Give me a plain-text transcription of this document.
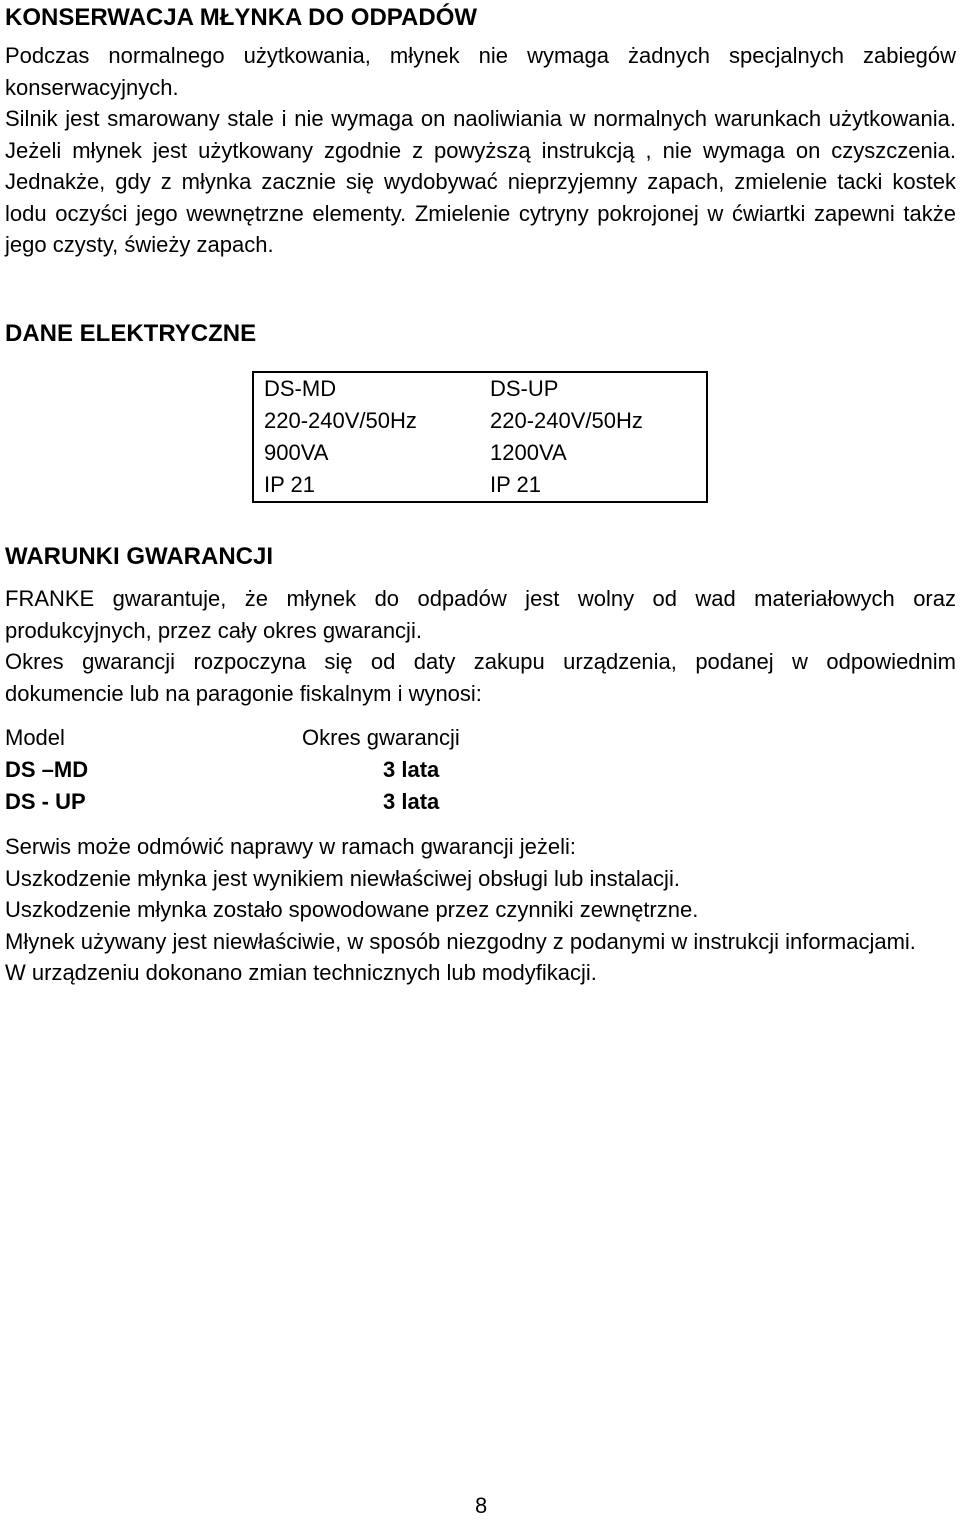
KONSERWACJA MŁYNKA DO ODPADÓW

Podczas normalnego użytkowania, młynek nie wymaga żadnych specjalnych zabiegów konserwacyjnych.

Silnik jest smarowany stale i nie wymaga on naoliwiania w normalnych warunkach użytkowania. Jeżeli młynek jest użytkowany zgodnie z powyższą instrukcją , nie wymaga on czyszczenia. Jednakże, gdy z młynka zacznie się wydobywać nieprzyjemny zapach, zmielenie tacki kostek lodu oczyści jego wewnętrzne elementy. Zmielenie cytryny pokrojonej w ćwiartki zapewni także jego czysty, świeży zapach.

DANE ELEKTRYCZNE
DS-MD	DS-UP
220-240V/50Hz	220-240V/50Hz
900VA	1200VA
IP 21	IP 21
WARUNKI GWARANCJI

FRANKE gwarantuje, że młynek do odpadów jest wolny od wad materiałowych oraz produkcyjnych, przez cały okres gwarancji.

Okres gwarancji rozpoczyna się od daty zakupu urządzenia, podanej w odpowiednim dokumencie lub na paragonie fiskalnym i wynosi:

Model	Okres gwarancji
DS –MD	3 lata
DS - UP	3 lata

Serwis może odmówić naprawy w ramach gwarancji jeżeli:

Uszkodzenie młynka jest wynikiem niewłaściwej obsługi lub instalacji.

Uszkodzenie młynka zostało spowodowane przez czynniki zewnętrzne.

Młynek używany jest niewłaściwie, w sposób niezgodny z podanymi w instrukcji informacjami.

W urządzeniu dokonano zmian technicznych lub modyfikacji.

8
